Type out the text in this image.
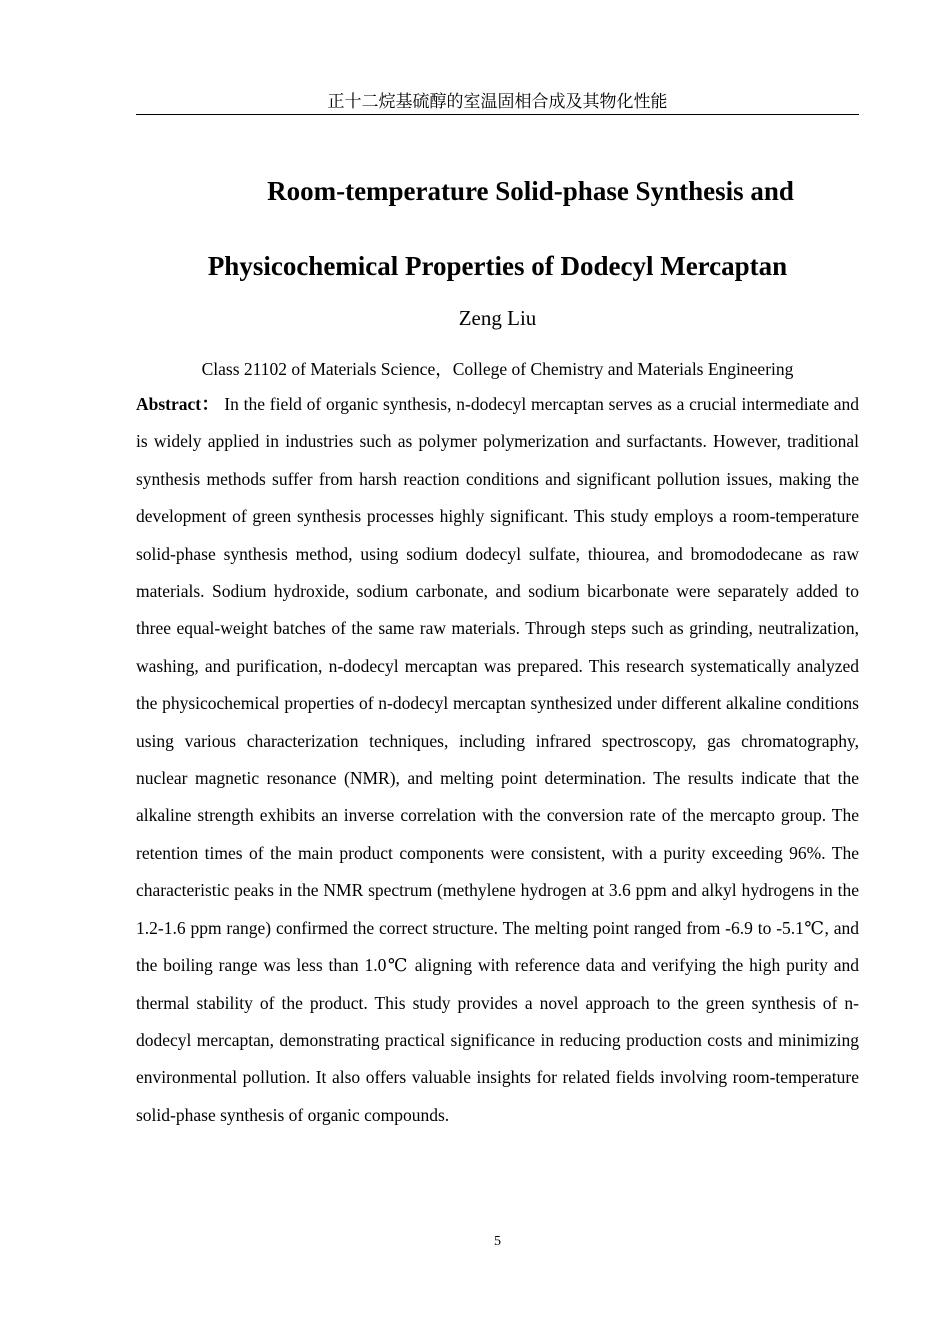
正十二烷基硫醇的室温固相合成及其物化性能
Room-temperature Solid-phase Synthesis and
Physicochemical Properties of Dodecyl Mercaptan
Zeng Liu
Class 21102 of Materials Science，College of Chemistry and Materials Engineering

Abstract： In the field of organic synthesis, n-dodecyl mercaptan serves as a crucial intermediate and is widely applied in industries such as polymer polymerization and surfactants. However, traditional synthesis methods suffer from harsh reaction conditions and significant pollution issues, making the development of green synthesis processes highly significant. This study employs a room-temperature solid-phase synthesis method, using sodium dodecyl sulfate, thiourea, and bromododecane as raw materials. Sodium hydroxide, sodium carbonate, and sodium bicarbonate were separately added to three equal-weight batches of the same raw materials. Through steps such as grinding, neutralization, washing, and purification, n-dodecyl mercaptan was prepared. This research systematically analyzed the physicochemical properties of n-dodecyl mercaptan synthesized under different alkaline conditions using various characterization techniques, including infrared spectroscopy, gas chromatography, nuclear magnetic resonance (NMR), and melting point determination. The results indicate that the alkaline strength exhibits an inverse correlation with the conversion rate of the mercapto group. The retention times of the main product components were consistent, with a purity exceeding 96%. The characteristic peaks in the NMR spectrum (methylene hydrogen at 3.6 ppm and alkyl hydrogens in the 1.2-1.6 ppm range) confirmed the correct structure. The melting point ranged from -6.9 to -5.1℃, and the boiling range was less than 1.0℃ aligning with reference data and verifying the high purity and thermal stability of the product. This study provides a novel approach to the green synthesis of n-dodecyl mercaptan, demonstrating practical significance in reducing production costs and minimizing environmental pollution. It also offers valuable insights for related fields involving room-temperature solid-phase synthesis of organic compounds.

5
